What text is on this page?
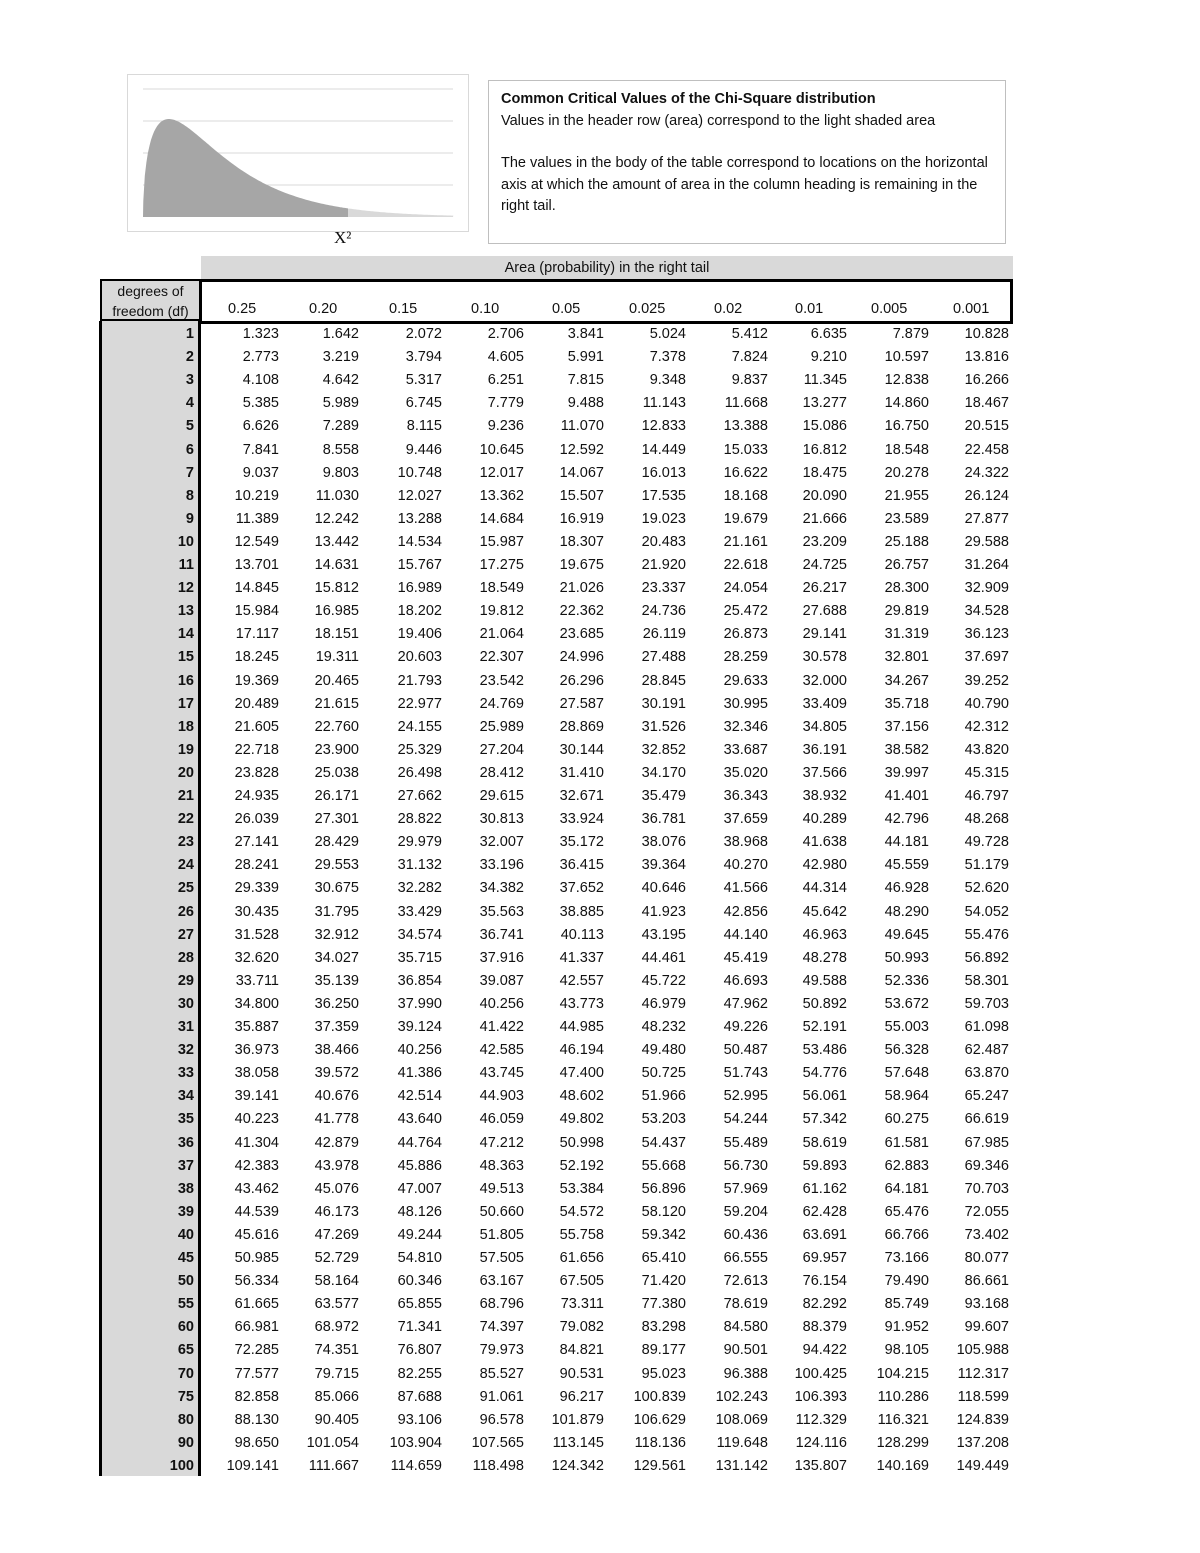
X²
Common Critical Values of the Chi-Square distribution
Values in the header row (area) correspond to the light shaded area
The values in the body of the table correspond to locations on the horizontal axis at which the amount of area in the column heading is remaining in the right tail.
Area (probability) in the right tail
degrees of
freedom (df)	0.25	0.20	0.15	0.10	0.05	0.025	0.02	0.01	0.005	0.001
1	1.323	1.642	2.072	2.706	3.841	5.024	5.412	6.635	7.879	10.828
2	2.773	3.219	3.794	4.605	5.991	7.378	7.824	9.210	10.597	13.816
3	4.108	4.642	5.317	6.251	7.815	9.348	9.837	11.345	12.838	16.266
4	5.385	5.989	6.745	7.779	9.488	11.143	11.668	13.277	14.860	18.467
5	6.626	7.289	8.115	9.236	11.070	12.833	13.388	15.086	16.750	20.515
6	7.841	8.558	9.446	10.645	12.592	14.449	15.033	16.812	18.548	22.458
7	9.037	9.803	10.748	12.017	14.067	16.013	16.622	18.475	20.278	24.322
8	10.219	11.030	12.027	13.362	15.507	17.535	18.168	20.090	21.955	26.124
9	11.389	12.242	13.288	14.684	16.919	19.023	19.679	21.666	23.589	27.877
10	12.549	13.442	14.534	15.987	18.307	20.483	21.161	23.209	25.188	29.588
11	13.701	14.631	15.767	17.275	19.675	21.920	22.618	24.725	26.757	31.264
12	14.845	15.812	16.989	18.549	21.026	23.337	24.054	26.217	28.300	32.909
13	15.984	16.985	18.202	19.812	22.362	24.736	25.472	27.688	29.819	34.528
14	17.117	18.151	19.406	21.064	23.685	26.119	26.873	29.141	31.319	36.123
15	18.245	19.311	20.603	22.307	24.996	27.488	28.259	30.578	32.801	37.697
16	19.369	20.465	21.793	23.542	26.296	28.845	29.633	32.000	34.267	39.252
17	20.489	21.615	22.977	24.769	27.587	30.191	30.995	33.409	35.718	40.790
18	21.605	22.760	24.155	25.989	28.869	31.526	32.346	34.805	37.156	42.312
19	22.718	23.900	25.329	27.204	30.144	32.852	33.687	36.191	38.582	43.820
20	23.828	25.038	26.498	28.412	31.410	34.170	35.020	37.566	39.997	45.315
21	24.935	26.171	27.662	29.615	32.671	35.479	36.343	38.932	41.401	46.797
22	26.039	27.301	28.822	30.813	33.924	36.781	37.659	40.289	42.796	48.268
23	27.141	28.429	29.979	32.007	35.172	38.076	38.968	41.638	44.181	49.728
24	28.241	29.553	31.132	33.196	36.415	39.364	40.270	42.980	45.559	51.179
25	29.339	30.675	32.282	34.382	37.652	40.646	41.566	44.314	46.928	52.620
26	30.435	31.795	33.429	35.563	38.885	41.923	42.856	45.642	48.290	54.052
27	31.528	32.912	34.574	36.741	40.113	43.195	44.140	46.963	49.645	55.476
28	32.620	34.027	35.715	37.916	41.337	44.461	45.419	48.278	50.993	56.892
29	33.711	35.139	36.854	39.087	42.557	45.722	46.693	49.588	52.336	58.301
30	34.800	36.250	37.990	40.256	43.773	46.979	47.962	50.892	53.672	59.703
31	35.887	37.359	39.124	41.422	44.985	48.232	49.226	52.191	55.003	61.098
32	36.973	38.466	40.256	42.585	46.194	49.480	50.487	53.486	56.328	62.487
33	38.058	39.572	41.386	43.745	47.400	50.725	51.743	54.776	57.648	63.870
34	39.141	40.676	42.514	44.903	48.602	51.966	52.995	56.061	58.964	65.247
35	40.223	41.778	43.640	46.059	49.802	53.203	54.244	57.342	60.275	66.619
36	41.304	42.879	44.764	47.212	50.998	54.437	55.489	58.619	61.581	67.985
37	42.383	43.978	45.886	48.363	52.192	55.668	56.730	59.893	62.883	69.346
38	43.462	45.076	47.007	49.513	53.384	56.896	57.969	61.162	64.181	70.703
39	44.539	46.173	48.126	50.660	54.572	58.120	59.204	62.428	65.476	72.055
40	45.616	47.269	49.244	51.805	55.758	59.342	60.436	63.691	66.766	73.402
45	50.985	52.729	54.810	57.505	61.656	65.410	66.555	69.957	73.166	80.077
50	56.334	58.164	60.346	63.167	67.505	71.420	72.613	76.154	79.490	86.661
55	61.665	63.577	65.855	68.796	73.311	77.380	78.619	82.292	85.749	93.168
60	66.981	68.972	71.341	74.397	79.082	83.298	84.580	88.379	91.952	99.607
65	72.285	74.351	76.807	79.973	84.821	89.177	90.501	94.422	98.105	105.988
70	77.577	79.715	82.255	85.527	90.531	95.023	96.388	100.425	104.215	112.317
75	82.858	85.066	87.688	91.061	96.217	100.839	102.243	106.393	110.286	118.599
80	88.130	90.405	93.106	96.578	101.879	106.629	108.069	112.329	116.321	124.839
90	98.650	101.054	103.904	107.565	113.145	118.136	119.648	124.116	128.299	137.208
100	109.141	111.667	114.659	118.498	124.342	129.561	131.142	135.807	140.169	149.449
